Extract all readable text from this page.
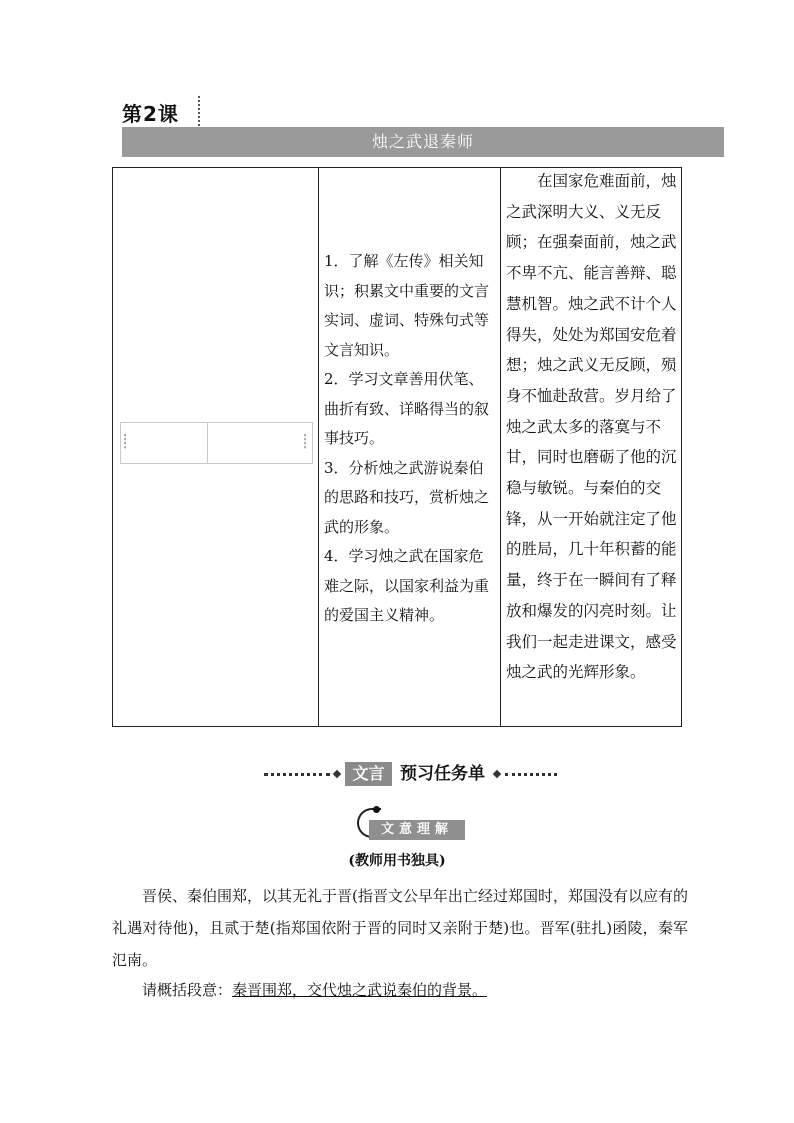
第2课
烛之武退秦师
▮▮▮▮	▮▮▮▮

1．了解《左传》相关知识；积累文中重要的文言实词、虚词、特殊句式等文言知识。

2．学习文章善用伏笔、曲折有致、详略得当的叙事技巧。

3．分析烛之武游说秦伯的思路和技巧，赏析烛之武的形象。

4．学习烛之武在国家危难之际，以国家利益为重的爱国主义精神。

在国家危难面前，烛之武深明大义、义无反顾；在强秦面前，烛之武不卑不亢、能言善辩、聪慧机智。烛之武不计个人得失，处处为郑国安危着想；烛之武义无反顾，殒身不恤赴敌营。岁月给了烛之武太多的落寞与不甘，同时也磨砺了他的沉稳与敏锐。与秦伯的交锋，从一开始就注定了他的胜局，几十年积蓄的能量，终于在一瞬间有了释放和爆发的闪亮时刻。让我们一起走进课文，感受烛之武的光辉形象。

文言 预习任务单
文意理解
(教师用书独具)

晋侯、秦伯围郑，以其无礼于晋(指晋文公早年出亡经过郑国时，郑国没有以应有的礼遇对待他)，且贰于楚(指郑国依附于晋的同时又亲附于楚)也。晋军(驻扎)函陵，秦军氾南。

请概括段意：秦晋围郑，交代烛之武说秦伯的背景。
